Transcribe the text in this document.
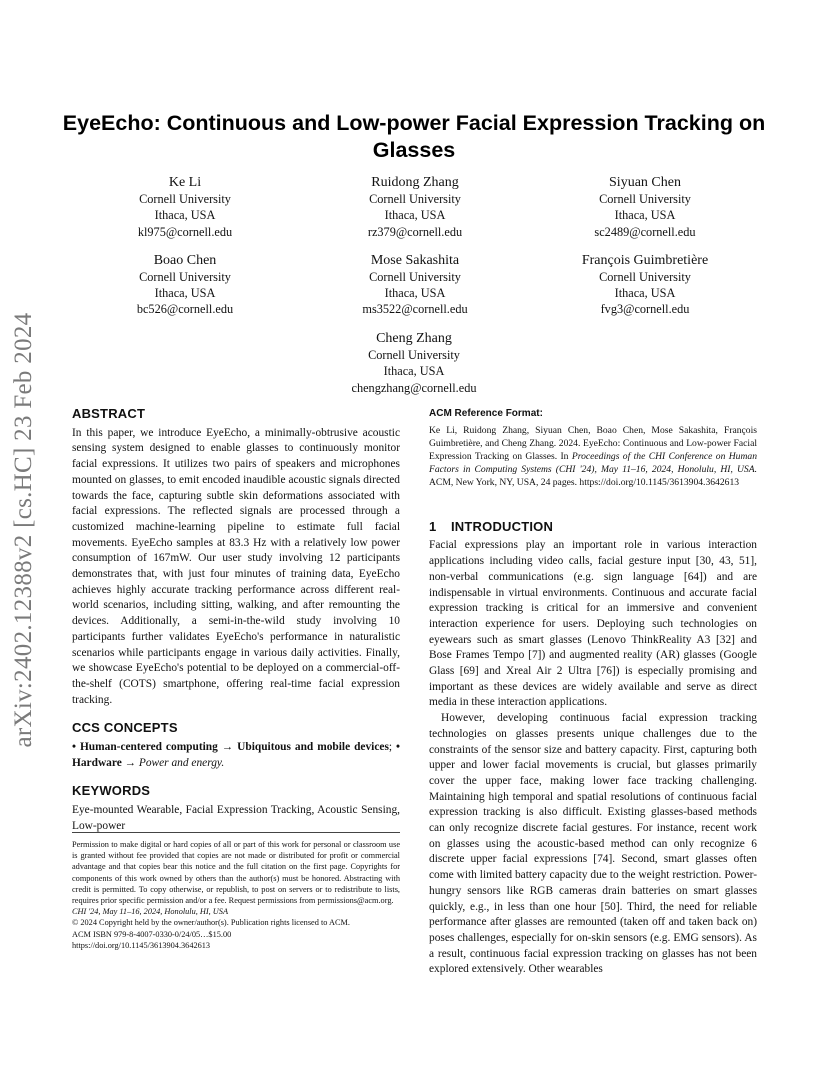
arXiv:2402.12388v2 [cs.HC] 23 Feb 2024
EyeEcho: Continuous and Low-power Facial Expression Tracking on Glasses
Ke Li
Cornell University
Ithaca, USA
kl975@cornell.edu
Ruidong Zhang
Cornell University
Ithaca, USA
rz379@cornell.edu
Siyuan Chen
Cornell University
Ithaca, USA
sc2489@cornell.edu
Boao Chen
Cornell University
Ithaca, USA
bc526@cornell.edu
Mose Sakashita
Cornell University
Ithaca, USA
ms3522@cornell.edu
François Guimbretière
Cornell University
Ithaca, USA
fvg3@cornell.edu
Cheng Zhang
Cornell University
Ithaca, USA
chengzhang@cornell.edu
ABSTRACT

In this paper, we introduce EyeEcho, a minimally-obtrusive acoustic sensing system designed to enable glasses to continuously monitor facial expressions. It utilizes two pairs of speakers and microphones mounted on glasses, to emit encoded inaudible acoustic signals directed towards the face, capturing subtle skin deformations associated with facial expressions. The reflected signals are processed through a customized machine-learning pipeline to estimate full facial movements. EyeEcho samples at 83.3 Hz with a relatively low power consumption of 167mW. Our user study involving 12 participants demonstrates that, with just four minutes of training data, EyeEcho achieves highly accurate tracking performance across different real-world scenarios, including sitting, walking, and after remounting the devices. Additionally, a semi-in-the-wild study involving 10 participants further validates EyeEcho's performance in naturalistic scenarios while participants engage in various daily activities. Finally, we showcase EyeEcho's potential to be deployed on a commercial-off-the-shelf (COTS) smartphone, offering real-time facial expression tracking.

CCS CONCEPTS

• Human-centered computing → Ubiquitous and mobile devices; • Hardware → Power and energy.

KEYWORDS

Eye-mounted Wearable, Facial Expression Tracking, Acoustic Sensing, Low-power

Permission to make digital or hard copies of all or part of this work for personal or classroom use is granted without fee provided that copies are not made or distributed for profit or commercial advantage and that copies bear this notice and the full citation on the first page. Copyrights for components of this work owned by others than the author(s) must be honored. Abstracting with credit is permitted. To copy otherwise, or republish, to post on servers or to redistribute to lists, requires prior specific permission and/or a fee. Request permissions from permissions@acm.org.

CHI '24, May 11–16, 2024, Honolulu, HI, USA

© 2024 Copyright held by the owner/author(s). Publication rights licensed to ACM.

ACM ISBN 979-8-4007-0330-0/24/05…$15.00

https://doi.org/10.1145/3613904.3642613

ACM Reference Format:

Ke Li, Ruidong Zhang, Siyuan Chen, Boao Chen, Mose Sakashita, François Guimbretière, and Cheng Zhang. 2024. EyeEcho: Continuous and Low-power Facial Expression Tracking on Glasses. In Proceedings of the CHI Conference on Human Factors in Computing Systems (CHI '24), May 11–16, 2024, Honolulu, HI, USA. ACM, New York, NY, USA, 24 pages. https://doi.org/10.1145/3613904.3642613

1 INTRODUCTION

Facial expressions play an important role in various interaction applications including video calls, facial gesture input [30, 43, 51], non-verbal communications (e.g. sign language [64]) and are indispensable in virtual environments. Continuous and accurate facial expression tracking is critical for an immersive and convenient interaction experience for users. Deploying such technologies on eyewears such as smart glasses (Lenovo ThinkReality A3 [32] and Bose Frames Tempo [7]) and augmented reality (AR) glasses (Google Glass [69] and Xreal Air 2 Ultra [76]) is especially promising and important as these devices are widely available and serve as direct media in these interaction applications.

However, developing continuous facial expression tracking technologies on glasses presents unique challenges due to the constraints of the sensor size and battery capacity. First, capturing both upper and lower facial movements is crucial, but glasses primarily cover the upper face, making lower face tracking challenging. Maintaining high temporal and spatial resolutions of continuous facial expression tracking is also difficult. Existing glasses-based methods can only recognize discrete facial gestures. For instance, recent work on glasses using the acoustic-based method can only recognize 6 discrete upper facial expressions [74]. Second, smart glasses often come with limited battery capacity due to the weight restriction. Power-hungry sensors like RGB cameras drain batteries on smart glasses quickly, e.g., in less than one hour [50]. Third, the need for reliable performance after glasses are remounted (taken off and taken back on) poses challenges, especially for on-skin sensors (e.g. EMG sensors). As a result, continuous facial expression tracking on glasses has not been explored extensively. Other wearables
